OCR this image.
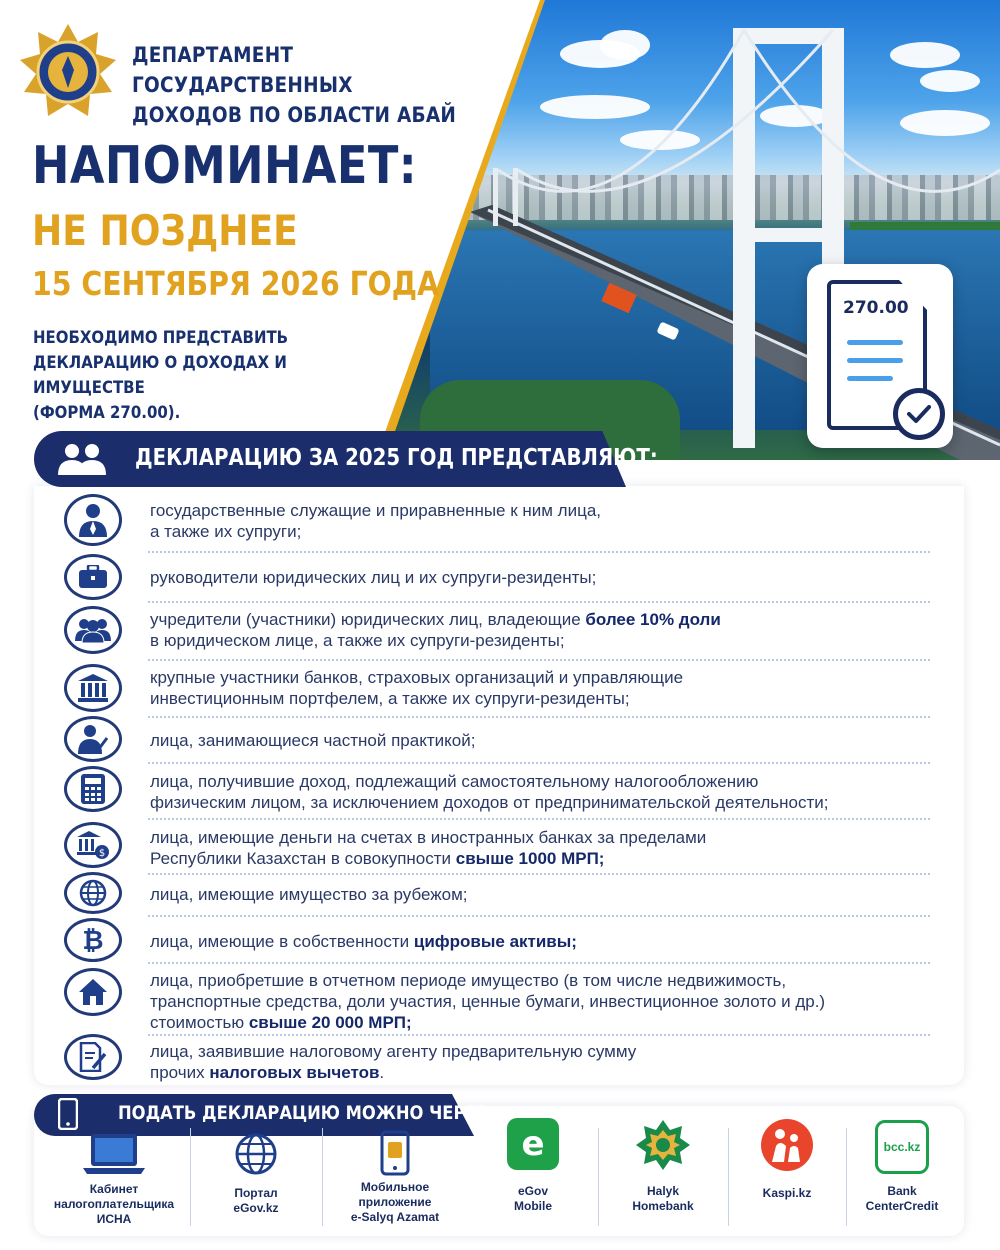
270.00
ДЕПАРТАМЕНТ ГОСУДАРСТВЕННЫХ
ДОХОДОВ ПО ОБЛАСТИ АБАЙ
НАПОМИНАЕТ:
НЕ ПОЗДНЕЕ
15 СЕНТЯБРЯ 2026 ГОДА
НЕОБХОДИМО ПРЕДСТАВИТЬ
ДЕКЛАРАЦИЮ О ДОХОДАХ И ИМУЩЕСТВЕ
(ФОРМА 270.00).
ДЕКЛАРАЦИЮ ЗА 2025 ГОД ПРЕДСТАВЛЯЮТ:
государственные служащие и приравненные к ним лица,
а также их супруги;
руководители юридических лиц и их супруги-резиденты;
учредители (участники) юридических лиц, владеющие более 10% доли
в юридическом лице, а также их супруги-резиденты;
крупные участники банков, страховых организаций и управляющие
инвестиционным портфелем, а также их супруги-резиденты;
лица, занимающиеся частной практикой;
лица, получившие доход, подлежащий самостоятельному налогообложению
физическим лицом, за исключением доходов от предпринимательской деятельности;
$
лица, имеющие деньги на счетах в иностранных банках за пределами
Республики Казахстан в совокупности свыше 1000 МРП;
лица, имеющие имущество за рубежом;
₿	лица, имеющие в собственности цифровые активы;
лица, приобретшие в отчетном периоде имущество (в том числе недвижимость,
транспортные средства, доли участия, ценные бумаги, инвестиционное золото и др.)
стоимостью свыше 20 000 МРП;
лица, заявившие налоговому агенту предварительную сумму
прочих налоговых вычетов.
ПОДАТЬ ДЕКЛАРАЦИЮ МОЖНО ЧЕРЕЗ:
Кабинет
налогоплательщика
ИСНА
Портал
eGov.kz
Мобильное
приложение
e-Salyq Azamat
e
eGov
Mobile
Halyk
Homebank
Kaspi.kz
bcc.kz
Bank
CenterCredit
